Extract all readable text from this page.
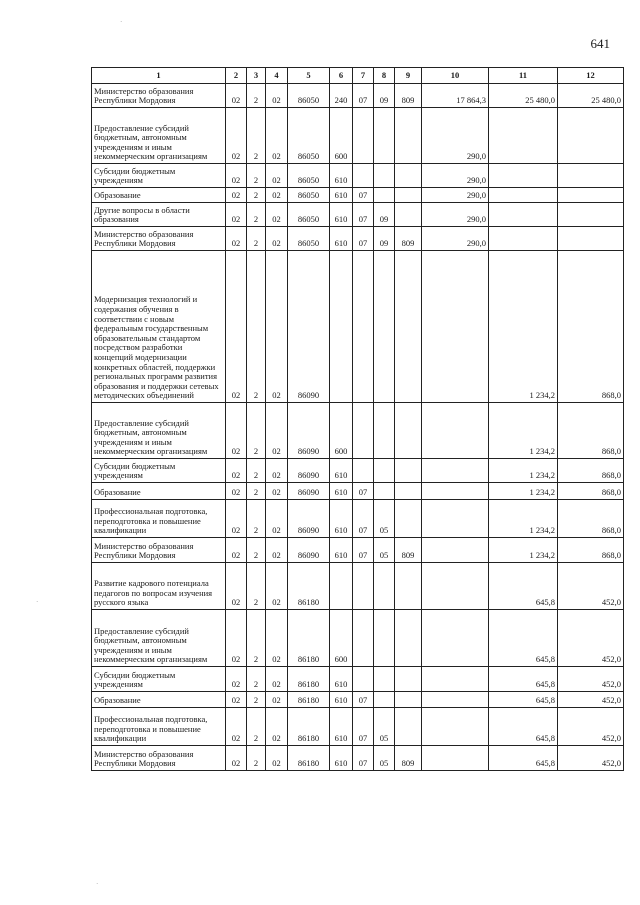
641
·
·
·
1	2	3	4	5	6	7	8	9	10	11	12
Министерство образования Республики Мордовия	02	2	02	86050	240	07	09	809	17 864,3	25 480,0	25 480,0
Предоставление субсидий бюджетным, автономным учреждениям и иным некоммерческим организациям	02	2	02	86050	600				290,0		
Субсидии бюджетным учреждениям	02	2	02	86050	610				290,0		
Образование	02	2	02	86050	610	07			290,0		
Другие вопросы в области образования	02	2	02	86050	610	07	09		290,0		
Министерство образования Республики Мордовия	02	2	02	86050	610	07	09	809	290,0		
Модернизация технологий и содержания обучения в соответствии с новым федеральным государственным образовательным стандартом посредством разработки концепций модернизации конкретных областей, поддержки региональных программ развития образования и поддержки сетевых методических объединений	02	2	02	86090						1 234,2	868,0
Предоставление субсидий бюджетным, автономным учреждениям и иным некоммерческим организациям	02	2	02	86090	600					1 234,2	868,0
Субсидии бюджетным учреждениям	02	2	02	86090	610					1 234,2	868,0
Образование	02	2	02	86090	610	07				1 234,2	868,0
Профессиональная подготовка, переподготовка и повышение квалификации	02	2	02	86090	610	07	05			1 234,2	868,0
Министерство образования Республики Мордовия	02	2	02	86090	610	07	05	809		1 234,2	868,0
Развитие кадрового потенциала педагогов по вопросам изучения русского языка	02	2	02	86180						645,8	452,0
Предоставление субсидий бюджетным, автономным учреждениям и иным некоммерческим организациям	02	2	02	86180	600					645,8	452,0
Субсидии бюджетным учреждениям	02	2	02	86180	610					645,8	452,0
Образование	02	2	02	86180	610	07				645,8	452,0
Профессиональная подготовка, переподготовка и повышение квалификации	02	2	02	86180	610	07	05			645,8	452,0
Министерство образования Республики Мордовия	02	2	02	86180	610	07	05	809		645,8	452,0
